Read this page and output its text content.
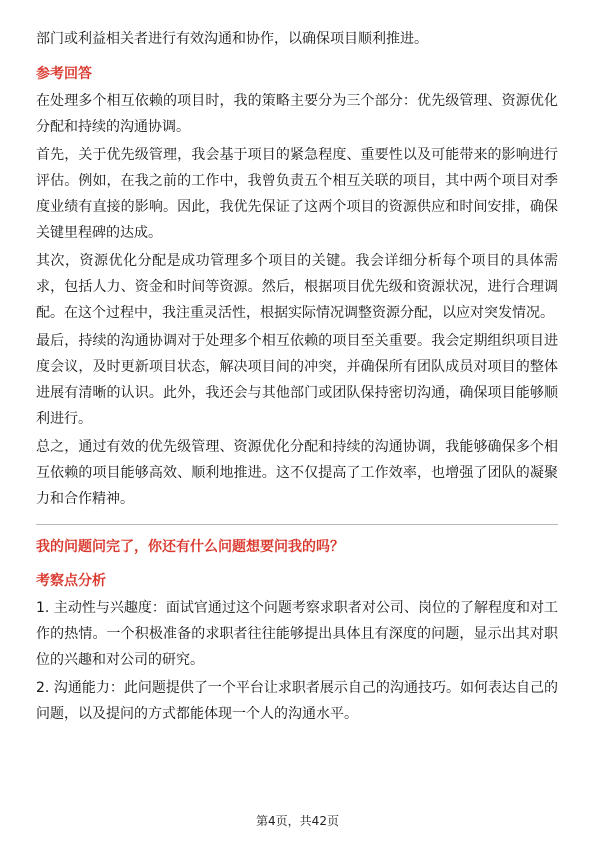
部门或利益相关者进行有效沟通和协作，以确保项目顺利推进。

参考回答

在处理多个相互依赖的项目时，我的策略主要分为三个部分：优先级管理、资源优化分配和持续的沟通协调。

首先，关于优先级管理，我会基于项目的紧急程度、重要性以及可能带来的影响进行评估。例如，在我之前的工作中，我曾负责五个相互关联的项目，其中两个项目对季度业绩有直接的影响。因此，我优先保证了这两个项目的资源供应和时间安排，确保关键里程碑的达成。

其次，资源优化分配是成功管理多个项目的关键。我会详细分析每个项目的具体需求，包括人力、资金和时间等资源。然后，根据项目优先级和资源状况，进行合理调配。在这个过程中，我注重灵活性，根据实际情况调整资源分配，以应对突发情况。

最后，持续的沟通协调对于处理多个相互依赖的项目至关重要。我会定期组织项目进度会议，及时更新项目状态，解决项目间的冲突，并确保所有团队成员对项目的整体进展有清晰的认识。此外，我还会与其他部门或团队保持密切沟通，确保项目能够顺利进行。

总之，通过有效的优先级管理、资源优化分配和持续的沟通协调，我能够确保多个相互依赖的项目能够高效、顺利地推进。这不仅提高了工作效率，也增强了团队的凝聚力和合作精神。

我的问题问完了，你还有什么问题想要问我的吗？
考察点分析

1. 主动性与兴趣度：面试官通过这个问题考察求职者对公司、岗位的了解程度和对工作的热情。一个积极准备的求职者往往能够提出具体且有深度的问题，显示出其对职位的兴趣和对公司的研究。

2. 沟通能力：此问题提供了一个平台让求职者展示自己的沟通技巧。如何表达自己的问题，以及提问的方式都能体现一个人的沟通水平。

第4页，共42页
